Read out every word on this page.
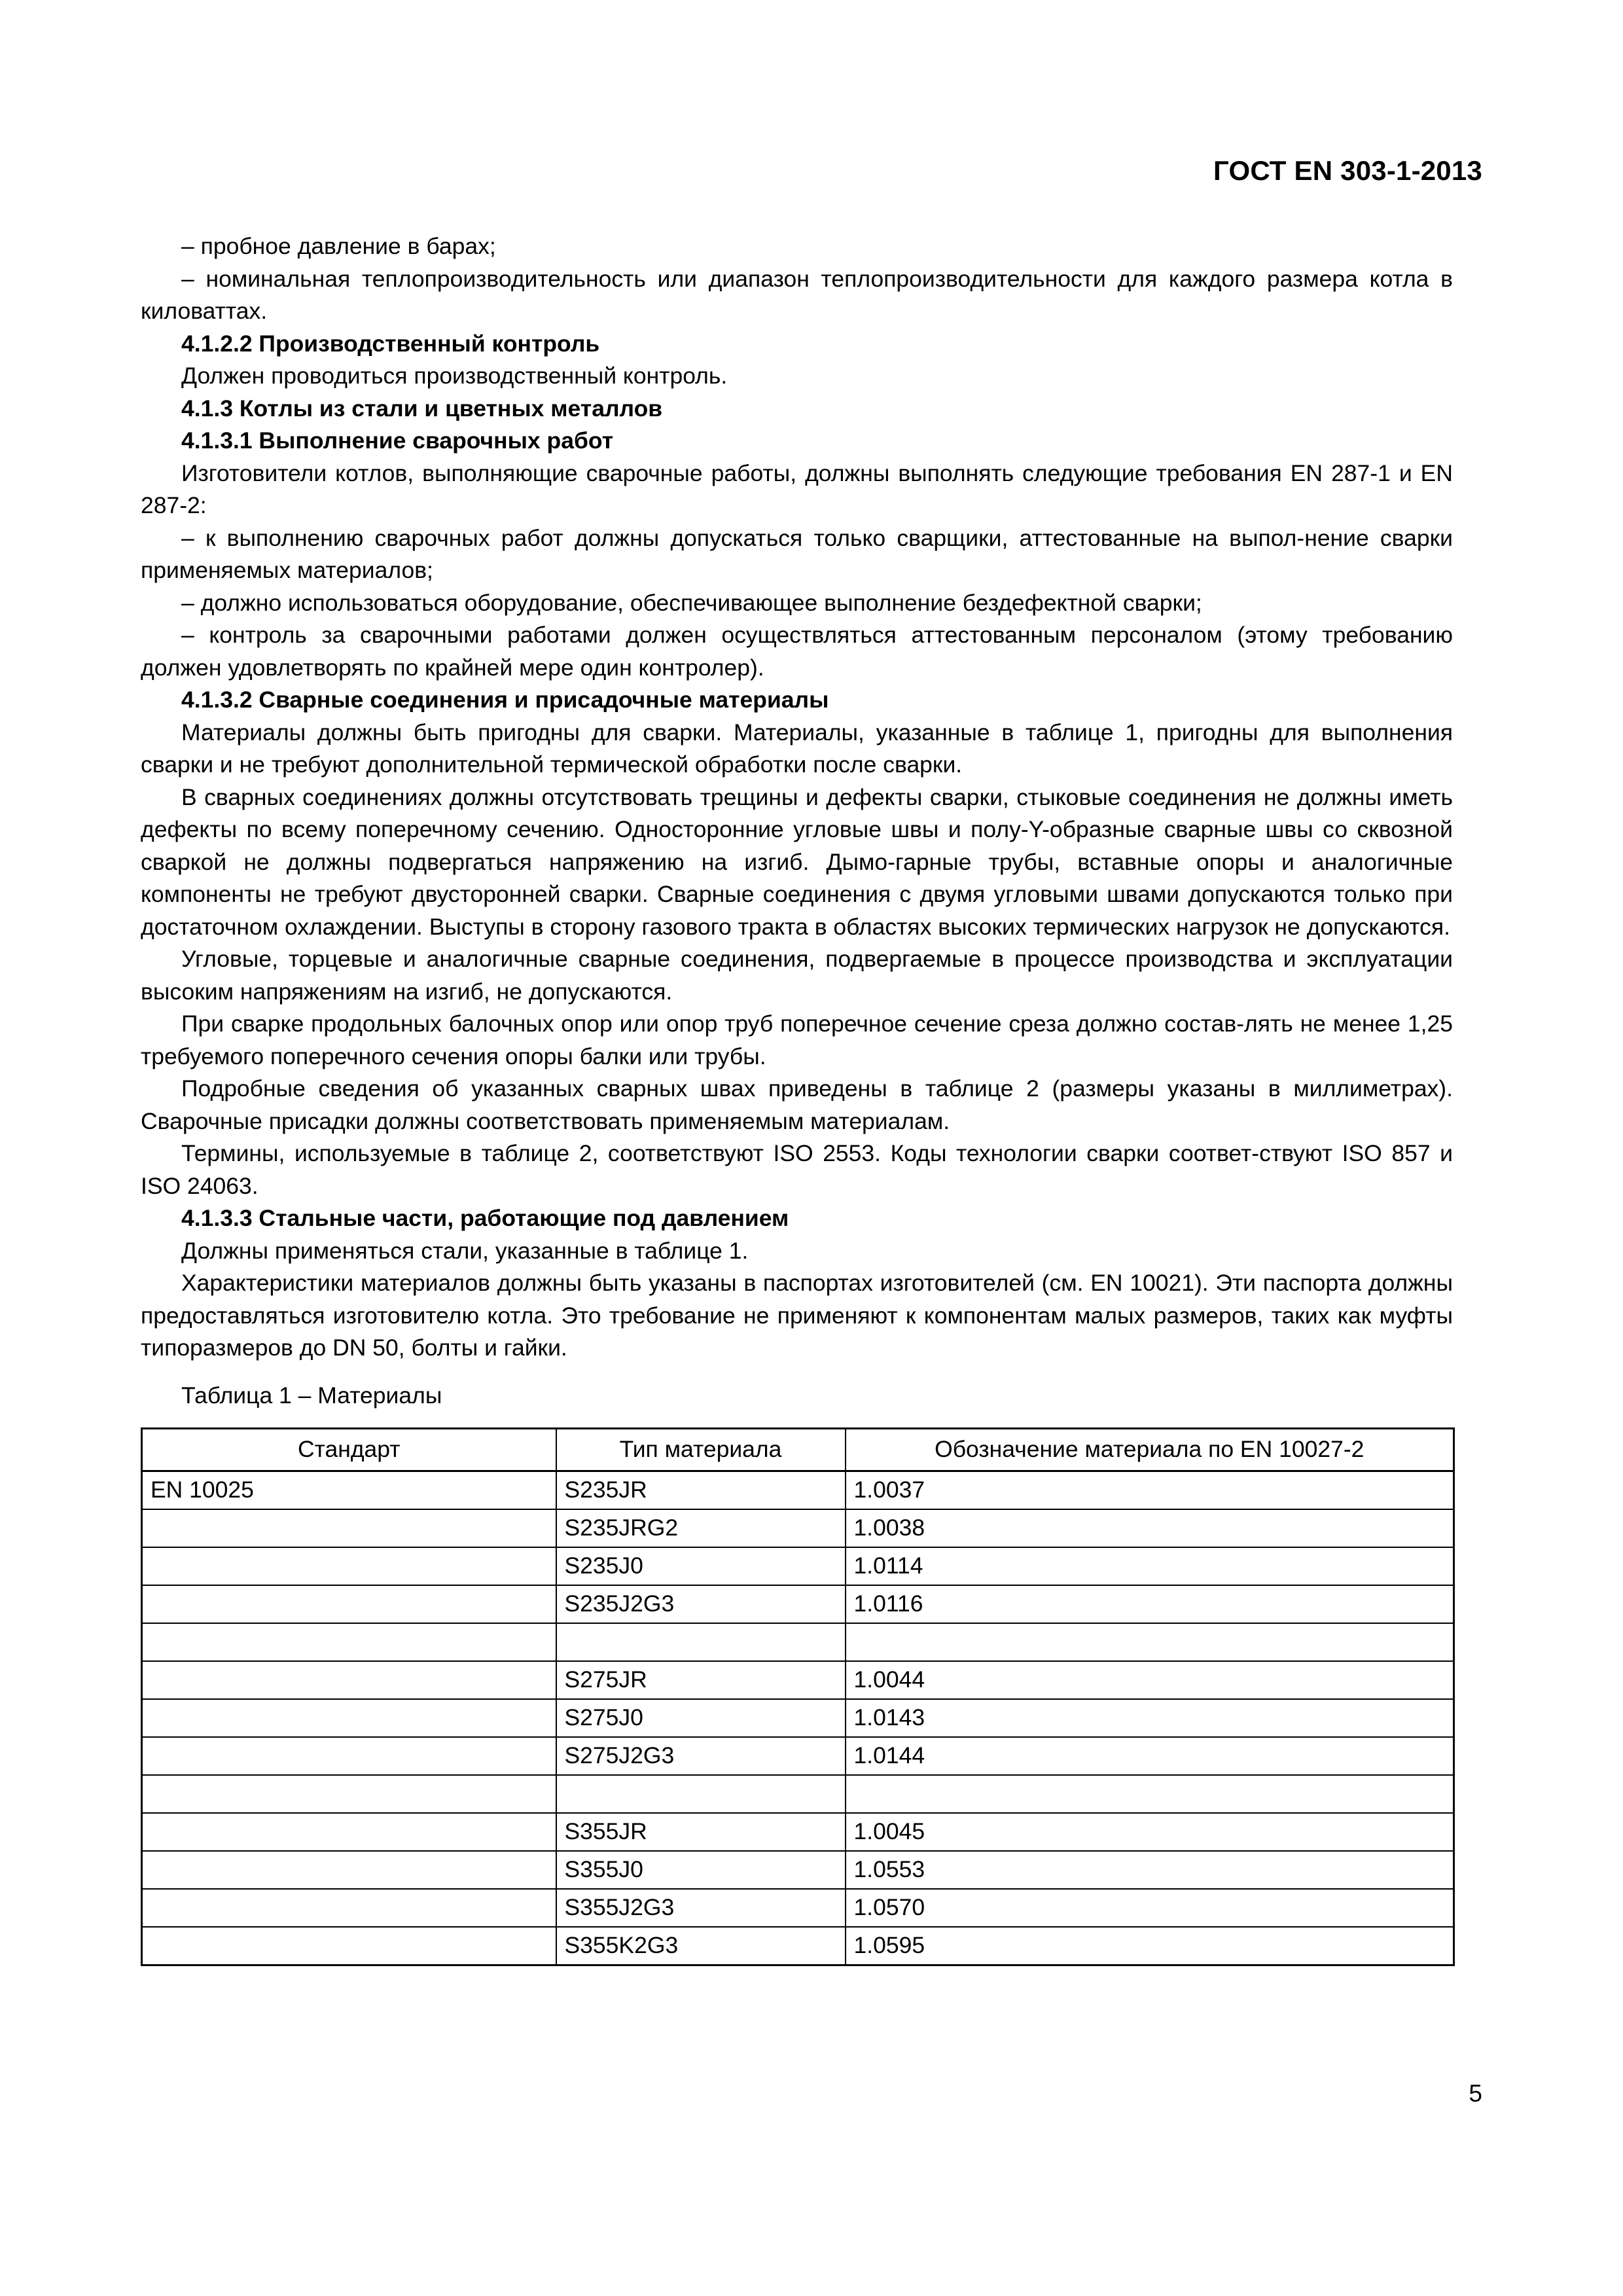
ГОСТ EN 303-1-2013

– пробное давление в барах;

– номинальная теплопроизводительность или диапазон теплопроизводительности для каждого размера котла в киловаттах.

4.1.2.2 Производственный контроль

Должен проводиться производственный контроль.

4.1.3 Котлы из стали и цветных металлов
4.1.3.1 Выполнение сварочных работ

Изготовители котлов, выполняющие сварочные работы, должны выполнять следующие требования EN 287-1 и EN 287-2:

– к выполнению сварочных работ должны допускаться только сварщики, аттестованные на выпол-нение сварки применяемых материалов;

– должно использоваться оборудование, обеспечивающее выполнение бездефектной сварки;

– контроль за сварочными работами должен осуществляться аттестованным персоналом (этому требованию должен удовлетворять по крайней мере один контролер).

4.1.3.2 Сварные соединения и присадочные материалы

Материалы должны быть пригодны для сварки. Материалы, указанные в таблице 1, пригодны для выполнения сварки и не требуют дополнительной термической обработки после сварки.

В сварных соединениях должны отсутствовать трещины и дефекты сварки, стыковые соединения не должны иметь дефекты по всему поперечному сечению. Односторонние угловые швы и полу-Y-образные сварные швы со сквозной сваркой не должны подвергаться напряжению на изгиб. Дымо-гарные трубы, вставные опоры и аналогичные компоненты не требуют двусторонней сварки. Сварные соединения с двумя угловыми швами допускаются только при достаточном охлаждении. Выступы в сторону газового тракта в областях высоких термических нагрузок не допускаются.

Угловые, торцевые и аналогичные сварные соединения, подвергаемые в процессе производства и эксплуатации высоким напряжениям на изгиб, не допускаются.

При сварке продольных балочных опор или опор труб поперечное сечение среза должно состав-лять не менее 1,25 требуемого поперечного сечения опоры балки или трубы.

Подробные сведения об указанных сварных швах приведены в таблице 2 (размеры указаны в миллиметрах). Сварочные присадки должны соответствовать применяемым материалам.

Термины, используемые в таблице 2, соответствуют ISO 2553. Коды технологии сварки соответ-ствуют ISO 857 и ISO 24063.

4.1.3.3 Стальные части, работающие под давлением

Должны применяться стали, указанные в таблице 1.

Характеристики материалов должны быть указаны в паспортах изготовителей (см. EN 10021). Эти паспорта должны предоставляться изготовителю котла. Это требование не применяют к компонентам малых размеров, таких как муфты типоразмеров до DN 50, болты и гайки.

Таблица 1 – Материалы

Стандарт	Тип материала	Обозначение материала по EN 10027-2
EN 10025	S235JR	1.0037
	S235JRG2	1.0038
	S235J0	1.0114
	S235J2G3	1.0116

	S275JR	1.0044
	S275J0	1.0143
	S275J2G3	1.0144

	S355JR	1.0045
	S355J0	1.0553
	S355J2G3	1.0570
	S355K2G3	1.0595
5
